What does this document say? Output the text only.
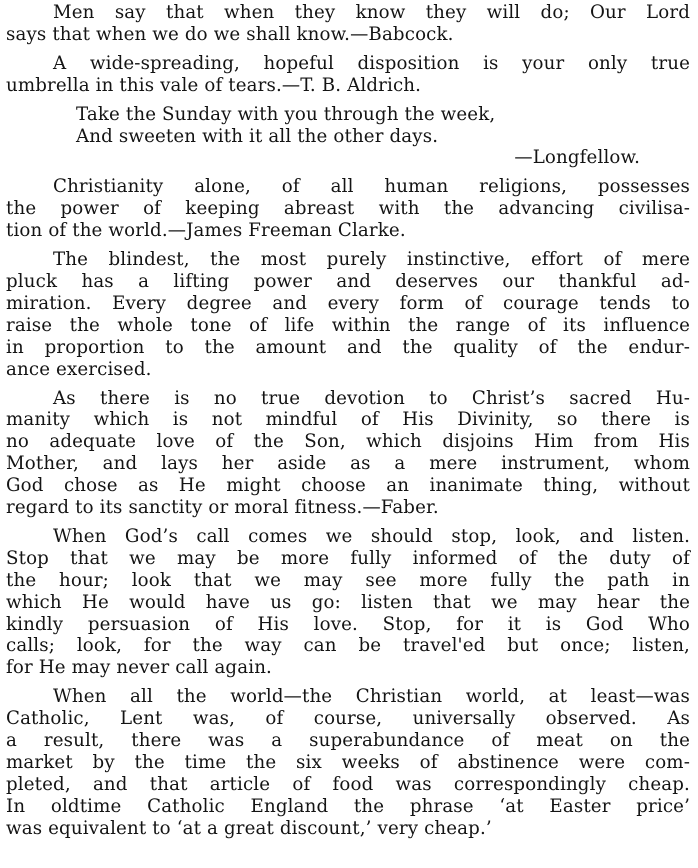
Men say that when they know they will do; Our Lord
says that when we do we shall know.—Babcock.
A wide-spreading, hopeful disposition is your only true
umbrella in this vale of tears.—T. B. Aldrich.
Take the Sunday with you through the week,
And sweeten with it all the other days.
—Longfellow.
Christianity alone, of all human religions, possesses
the power of keeping abreast with the advancing civilisa-
tion of the world.—James Freeman Clarke.
The blindest, the most purely instinctive, effort of mere
pluck has a lifting power and deserves our thankful ad-
miration. Every degree and every form of courage tends to
raise the whole tone of life within the range of its influence
in proportion to the amount and the quality of the endur-
ance exercised.
As there is no true devotion to Christ’s sacred Hu-
manity which is not mindful of His Divinity, so there is
no adequate love of the Son, which disjoins Him from His
Mother, and lays her aside as a mere instrument, whom
God chose as He might choose an inanimate thing, without
regard to its sanctity or moral fitness.—Faber.
When God’s call comes we should stop, look, and listen.
Stop that we may be more fully informed of the duty of
the hour; look that we may see more fully the path in
which He would have us go: listen that we may hear the
kindly persuasion of His love. Stop, for it is God Who
calls; look, for the way can be travel'ed but once; listen,
for He may never call again.
When all the world—the Christian world, at least—was
Catholic, Lent was, of course, universally observed. As
a result, there was a superabundance of meat on the
market by the time the six weeks of abstinence were com-
pleted, and that article of food was correspondingly cheap.
In oldtime Catholic England the phrase ‘at Easter price’
was equivalent to ‘at a great discount,’ very cheap.’
